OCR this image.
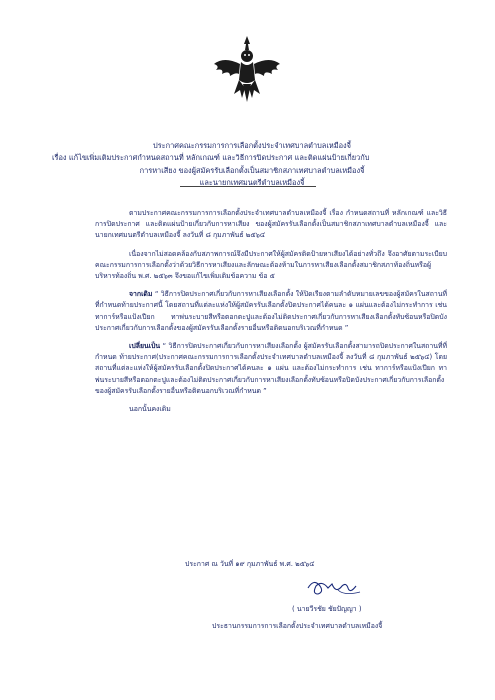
ประกาศคณะกรรมการการเลือกตั้งประจำเทศบาลตำบลเหมืองจี้
เรื่อง แก้ไขเพิ่มเติมประกาศกำหนดสถานที่ หลักเกณฑ์ และวิธีการปิดประกาศ และติดแผ่นป้ายเกี่ยวกับ
การหาเสียง ของผู้สมัครรับเลือกตั้งเป็นสมาชิกสภาเทศบาลตำบลเหมืองจี้
และนายกเทศมนตรีตำบลเหมืองจี้
ตามประกาศคณะกรรมการการเลือกตั้งประจำเทศบาลตำบลเหมืองจี้ เรื่อง กำหนดสถานที่ หลักเกณฑ์ และวิธีการปิดประกาศ และติดแผ่นป้ายเกี่ยวกับการหาเสียง ของผู้สมัครรับเลือกตั้งเป็นสมาชิกสภาเทศบาลตำบลเหมืองจี้ และนายกเทศมนตรีตำบลเหมืองจี้ ลงวันที่ ๘ กุมภาพันธ์ ๒๕๖๔
เนื่องจากไม่สอดคล้องกับสภาพการณ์จึงมีประกาศให้ผู้สมัครติดป้ายหาเสียงได้อย่างทั่วถึง จึงอาศัยตามระเบียบคณะกรรมการการเลือกตั้งว่าด้วยวิธีการหาเสียงและลักษณะต้องห้ามในการหาเสียงเลือกตั้งสมาชิกสภาท้องถิ่นหรือผู้บริหารท้องถิ่น พ.ศ. ๒๕๖๓ จึงขอแก้ไขเพิ่มเติมข้อความ ข้อ ๕
จากเดิม “ วิธีการปิดประกาศเกี่ยวกับการหาเสียงเลือกตั้ง ให้ปิดเรียงตามลำดับหมายเลขของผู้สมัครในสถานที่ที่กำหนดท้ายประกาศนี้ โดยสถานที่แต่ละแห่งให้ผู้สมัครรับเลือกตั้งปิดประกาศได้คนละ ๑ แผ่นและต้องไม่กระทำการ เช่น ทาการ์หรือแป้งเปียก ทาพ่นระบายสีหรือตอกตะปูและต้องไม่ติดประกาศเกี่ยวกับการหาเสียงเลือกตั้งทับซ้อนหรือปิดบังประกาศเกี่ยวกับการเลือกตั้งของผู้สมัครรับเลือกตั้งรายอื่นหรือติดนอกบริเวณที่กำหนด ”
เปลี่ยนเป็น “ วิธีการปิดประกาศเกี่ยวกับการหาเสียงเลือกตั้ง ผู้สมัครรับเลือกตั้งสามารถปิดประกาศในสถานที่ที่กำหนด ท้ายประกาศ(ประกาศคณะกรรมการการเลือกตั้งประจำเทศบาลตำบลเหมืองจี้ ลงวันที่ ๘ กุมภาพันธ์ ๒๕๖๔) โดยสถานที่แต่ละแห่งให้ผู้สมัครรับเลือกตั้งปิดประกาศได้คนละ ๑ แผ่น และต้องไม่กระทำการ เช่น ทาการ์หรือแป้งเปียก ทาพ่นระบายสีหรือตอกตะปูและต้องไม่ติดประกาศเกี่ยวกับการหาเสียงเลือกตั้งทับซ้อนหรือปิดบังประกาศเกี่ยวกับการเลือกตั้งของผู้สมัครรับเลือกตั้งรายอื่นหรือติดนอกบริเวณที่กำหนด ”
นอกนั้นคงเดิม
ประกาศ ณ วันที่ ๑๙ กุมภาพันธ์ พ.ศ. ๒๕๖๔
( นายวีรชัย ชัยปัญญา )
ประธานกรรมการการเลือกตั้งประจำเทศบาลตำบลเหมืองจี้
